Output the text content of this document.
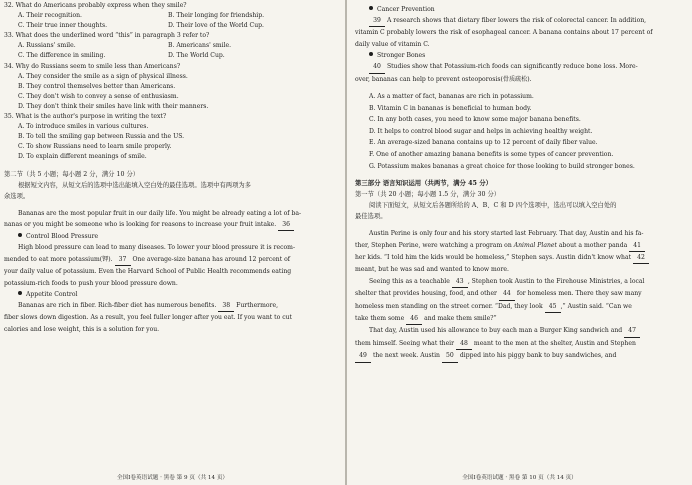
32. What do Americans probably express when they smile?
A. Their recognition.	B. Their longing for friendship.
C. Their true inner thoughts.	D. Their love of the World Cup.
33. What does the underlined word “this” in paragraph 3 refer to?
A. Russians' smile.	B. Americans' smile.
C. The difference in smiling.	D. The World Cup.
34. Why do Russians seem to smile less than Americans?
A. They consider the smile as a sign of physical illness.
B. They control themselves better than Americans.
C. They don't wish to convey a sense of enthusiasm.
D. They don't think their smiles have link with their manners.
35. What is the author's purpose in writing the text?
A. To introduce smiles in various cultures.
B. To tell the smiling gap between Russia and the US.
C. To show Russians need to learn smile properly.
D. To explain different meanings of smile.
第二节（共 5 小题；每小题 2 分，满分 10 分）
根据短文内容，从短文后的选项中选出能填入空白处的最佳选项。选项中有两项为多
余选项。
Bananas are the most popular fruit in our daily life. You might be already eating a lot of ba-
nanas or you might be someone who is looking for reasons to increase your fruit intake. 36
Control Blood Pressure
High blood pressure can lead to many diseases. To lower your blood pressure it is recom-
mended to eat more potassium(钾). 37 One average-size banana has around 12 percent of
your daily value of potassium. Even the Harvard School of Public Health recommends eating
potassium-rich foods to push your blood pressure down.
Appetite Control
Bananas are rich in fiber. Rich-fiber diet has numerous benefits. 38 Furthermore,
fiber slows down digestion. As a result, you feel fuller longer after you eat. If you want to cut
calories and lose weight, this is a solution for you.
全国Ⅰ卷英语试题 · 黑卷 第 9 页（共 14 页）
Cancer Prevention
39 A research shows that dietary fiber lowers the risk of colorectal cancer. In addition,
vitamin C probably lowers the risk of esophageal cancer. A banana contains about 17 percent of
daily value of vitamin C.
Stronger Bones
40 Studies show that Potassium-rich foods can significantly reduce bone loss. More-
over, bananas can help to prevent osteoporosis(骨质疏松).
A. As a matter of fact, bananas are rich in potassium.
B. Vitamin C in bananas is beneficial to human body.
C. In any both cases, you need to know some major banana benefits.
D. It helps to control blood sugar and helps in achieving healthy weight.
E. An average-sized banana contains up to 12 percent of daily fiber value.
F. One of another amazing banana benefits is some types of cancer prevention.
G. Potassium makes bananas a great choice for those looking to build stronger bones.
第三部分 语言知识运用（共两节，满分 45 分）
第一节（共 20 小题；每小题 1.5 分，满分 30 分）
阅读下面短文，从短文后各题所给的 A、B、C 和 D 四个选项中，选出可以填入空白处的
最佳选项。
Austin Perine is only four and his story started last February. That day, Austin and his fa-
ther, Stephen Perine, were watching a program on Animal Planet about a mother panda 41
her kids. “I told him the kids would be homeless,” Stephen says. Austin didn't know what 42
meant, but he was sad and wanted to know more.
Seeing this as a teachable 43 , Stephen took Austin to the Firehouse Ministries, a local
shelter that provides housing, food, and other 44 for homeless men. There they saw many
homeless men standing on the street corner. “Dad, they look 45 ,” Austin said. “Can we
take them some 46 and make them smile?”
That day, Austin used his allowance to buy each man a Burger King sandwich and 47
them himself. Seeing what their 48 meant to the men at the shelter, Austin and Stephen
49 the next week. Austin 50 dipped into his piggy bank to buy sandwiches, and
全国Ⅰ卷英语试题 · 黑卷 第 10 页（共 14 页）
